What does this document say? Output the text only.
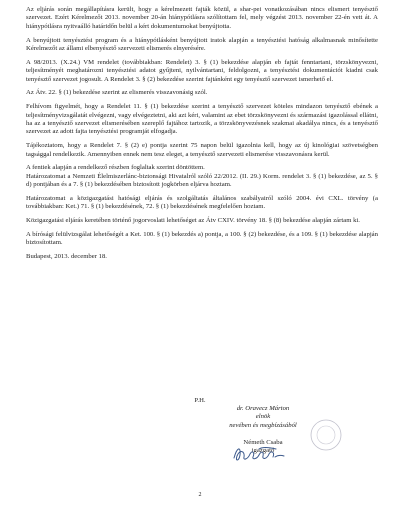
Az eljárás során megállapításra került, hogy a kérelmezett fajták közül, a shar-pei vonatkozásában nincs elismert tenyésztő szervezet. Ezért Kérelmezőt 2013. november 20-án hiánypótlásra szólítottam fel, mely végzést 2013. november 22-én vett át. A hiánypótlásra nyitvaálló határidőn belül a kért dokumentumokat benyújtotta.

A benyújtott tenyésztési program és a hiánypótlásként benyújtott iratok alapján a tenyésztési hatóság alkalmasnak minősítette Kérelmezőt az állami elbenyésztő szervezeti elismerés elnyerésére.

A 98/2013. (X.24.) VM rendelet (továbbiakban: Rendelet) 3. § (1) bekezdése alapján eb fajtát fenntartani, törzskönyvezni, teljesítményét meghatározni tenyésztési adatot gyűjteni, nyilvántartani, feldolgozni, a tenyésztési dokumentációt kiadni csak tenyésztő szervezet jogosult. A Rendelet 3. § (2) bekezdése szerint fajtánként egy tenyésztő szervezet ismerhető el.

Az Átv. 22. § (1) bekezdése szerint az elismerés visszavonásig szól.

Felhívom figyelmét, hogy a Rendelet 11. § (1) bekezdése szerint a tenyésztő szervezet köteles mindazon tenyésztő ebének a teljesítményvizsgálatát elvégezni, vagy elvégeztetni, aki azt kéri, valamint az ebet törzskönyvezni és származási igazolással ellátni, ha az a tenyésztő szervezet elismerésében szereplő fajtához tartozik, a törzskönyvezésnek szakmai akadálya nincs, és a tenyésztő szervezet az adott fajta tenyésztési programját elfogadja.

Tájékoztatom, hogy a Rendelet 7. § (2) e) pontja szerint 75 napon belül igazolnia kell, hogy az új kinológiai szövetségben tagsággal rendelkezik. Amennyiben ennek nem tesz eleget, a tenyésztő szervezeti elismerése visszavonásra kerül.

A fentiek alapján a rendelkező részben foglaltak szerint döntöttem.

Határozatomat a Nemzeti Élelmiszerlánc-biztonsági Hivatalról szóló 22/2012. (II. 29.) Korm. rendelet 3. § (1) bekezdése, az 5. § d) pontjában és a 7. § (1) bekezdésében biztosított jogkörben eljárva hoztam.

Határozatomat a közigazgatási hatósági eljárás és szolgáltatás általános szabályairól szóló 2004. évi CXL. törvény (a továbbiakban: Ket.) 71. § (1) bekezdésének, 72. § (1) bekezdésének megfelelően hoztam.

Közigazgatási eljárás keretében történő jogorvoslati lehetőséget az Átv CXIV. törvény 18. § (8) bekezdése alapján zártam ki.

A bírósági felülvizsgálat lehetőségét a Ket. 100. § (1) bekezdés a) pontja, a 100. § (2) bekezdése, és a 109. § (1) bekezdése alapján biztosítottam.

Budapest, 2013. december 18.

P.H.
dr. Oravecz Márton
elnök
nevében és megbízásából
Németh Csaba
igazgató
2
